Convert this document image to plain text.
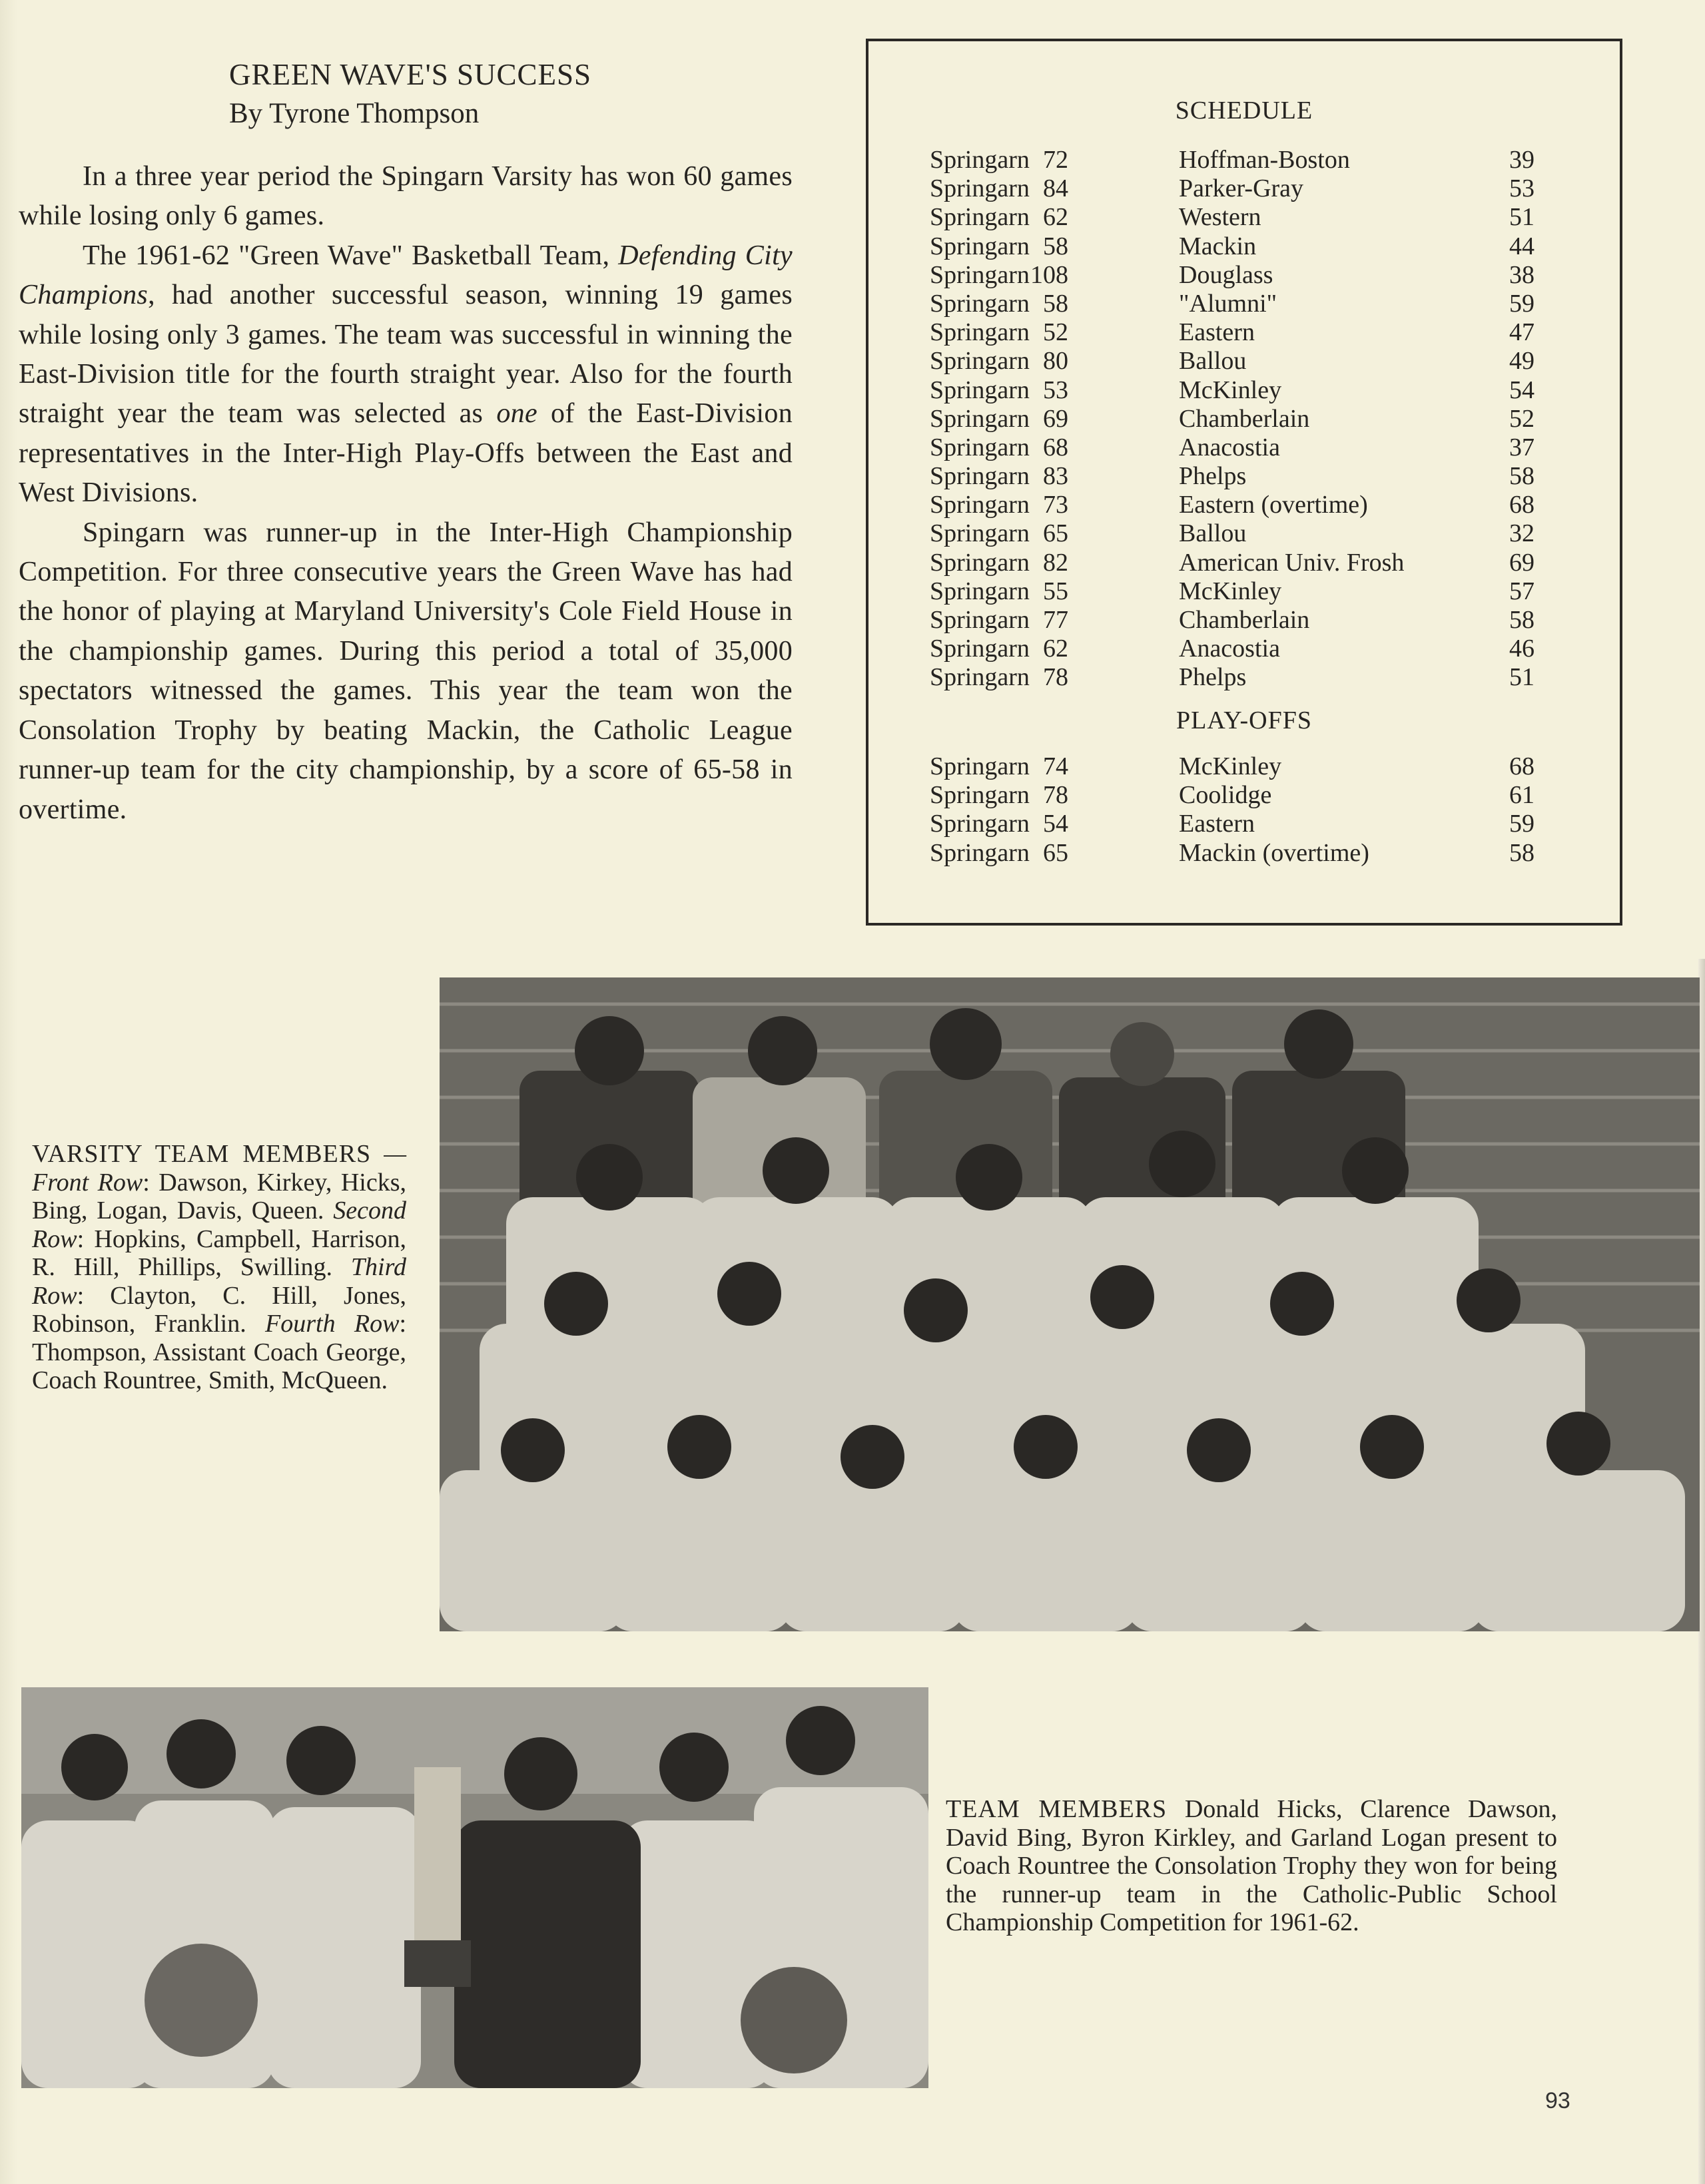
GREEN WAVE'S SUCCESS
By Tyrone Thompson

In a three year period the Spingarn Varsity has won 60 games while losing only 6 games.

The 1961-62 "Green Wave" Basketball Team, Defending City Champions, had another successful season, winning 19 games while losing only 3 games. The team was successful in winning the East-Division title for the fourth straight year. Also for the fourth straight year the team was selected as one of the East-Division representatives in the Inter-High Play-Offs between the East and West Divisions.

Spingarn was runner-up in the Inter-High Championship Competition. For three consecutive years the Green Wave has had the honor of playing at Maryland University's Cole Field House in the championship games. During this period a total of 35,000 spectators witnessed the games. This year the team won the Consolation Trophy by beating Mackin, the Catholic League runner-up team for the city championship, by a score of 65-58 in overtime.

SCHEDULE
Springarn 72	Hoffman-Boston	39
Springarn 84	Parker-Gray	53
Springarn 62	Western	51
Springarn 58	Mackin	44
Springarn 108	Douglass	38
Springarn 58	"Alumni"	59
Springarn 52	Eastern	47
Springarn 80	Ballou	49
Springarn 53	McKinley	54
Springarn 69	Chamberlain	52
Springarn 68	Anacostia	37
Springarn 83	Phelps	58
Springarn 73	Eastern (overtime)	68
Springarn 65	Ballou	32
Springarn 82	American Univ. Frosh	69
Springarn 55	McKinley	57
Springarn 77	Chamberlain	58
Springarn 62	Anacostia	46
Springarn 78	Phelps	51
PLAY-OFFS
Springarn 74	McKinley	68
Springarn 78	Coolidge	61
Springarn 54	Eastern	59
Springarn 65	Mackin (overtime)	58
VARSITY TEAM MEMBERS —Front Row: Dawson, Kirkey, Hicks, Bing, Logan, Davis, Queen. Second Row: Hopkins, Campbell, Harrison, R. Hill, Phillips, Swilling. Third Row: Clayton, C. Hill, Jones, Robinson, Franklin. Fourth Row: Thompson, Assistant Coach George, Coach Rountree, Smith, McQueen.
TEAM MEMBERS Donald Hicks, Clarence Dawson, David Bing, Byron Kirkley, and Garland Logan present to Coach Rountree the Consolation Trophy they won for being the runner-up team in the Catholic-Public School Championship Competition for 1961-62.
93
